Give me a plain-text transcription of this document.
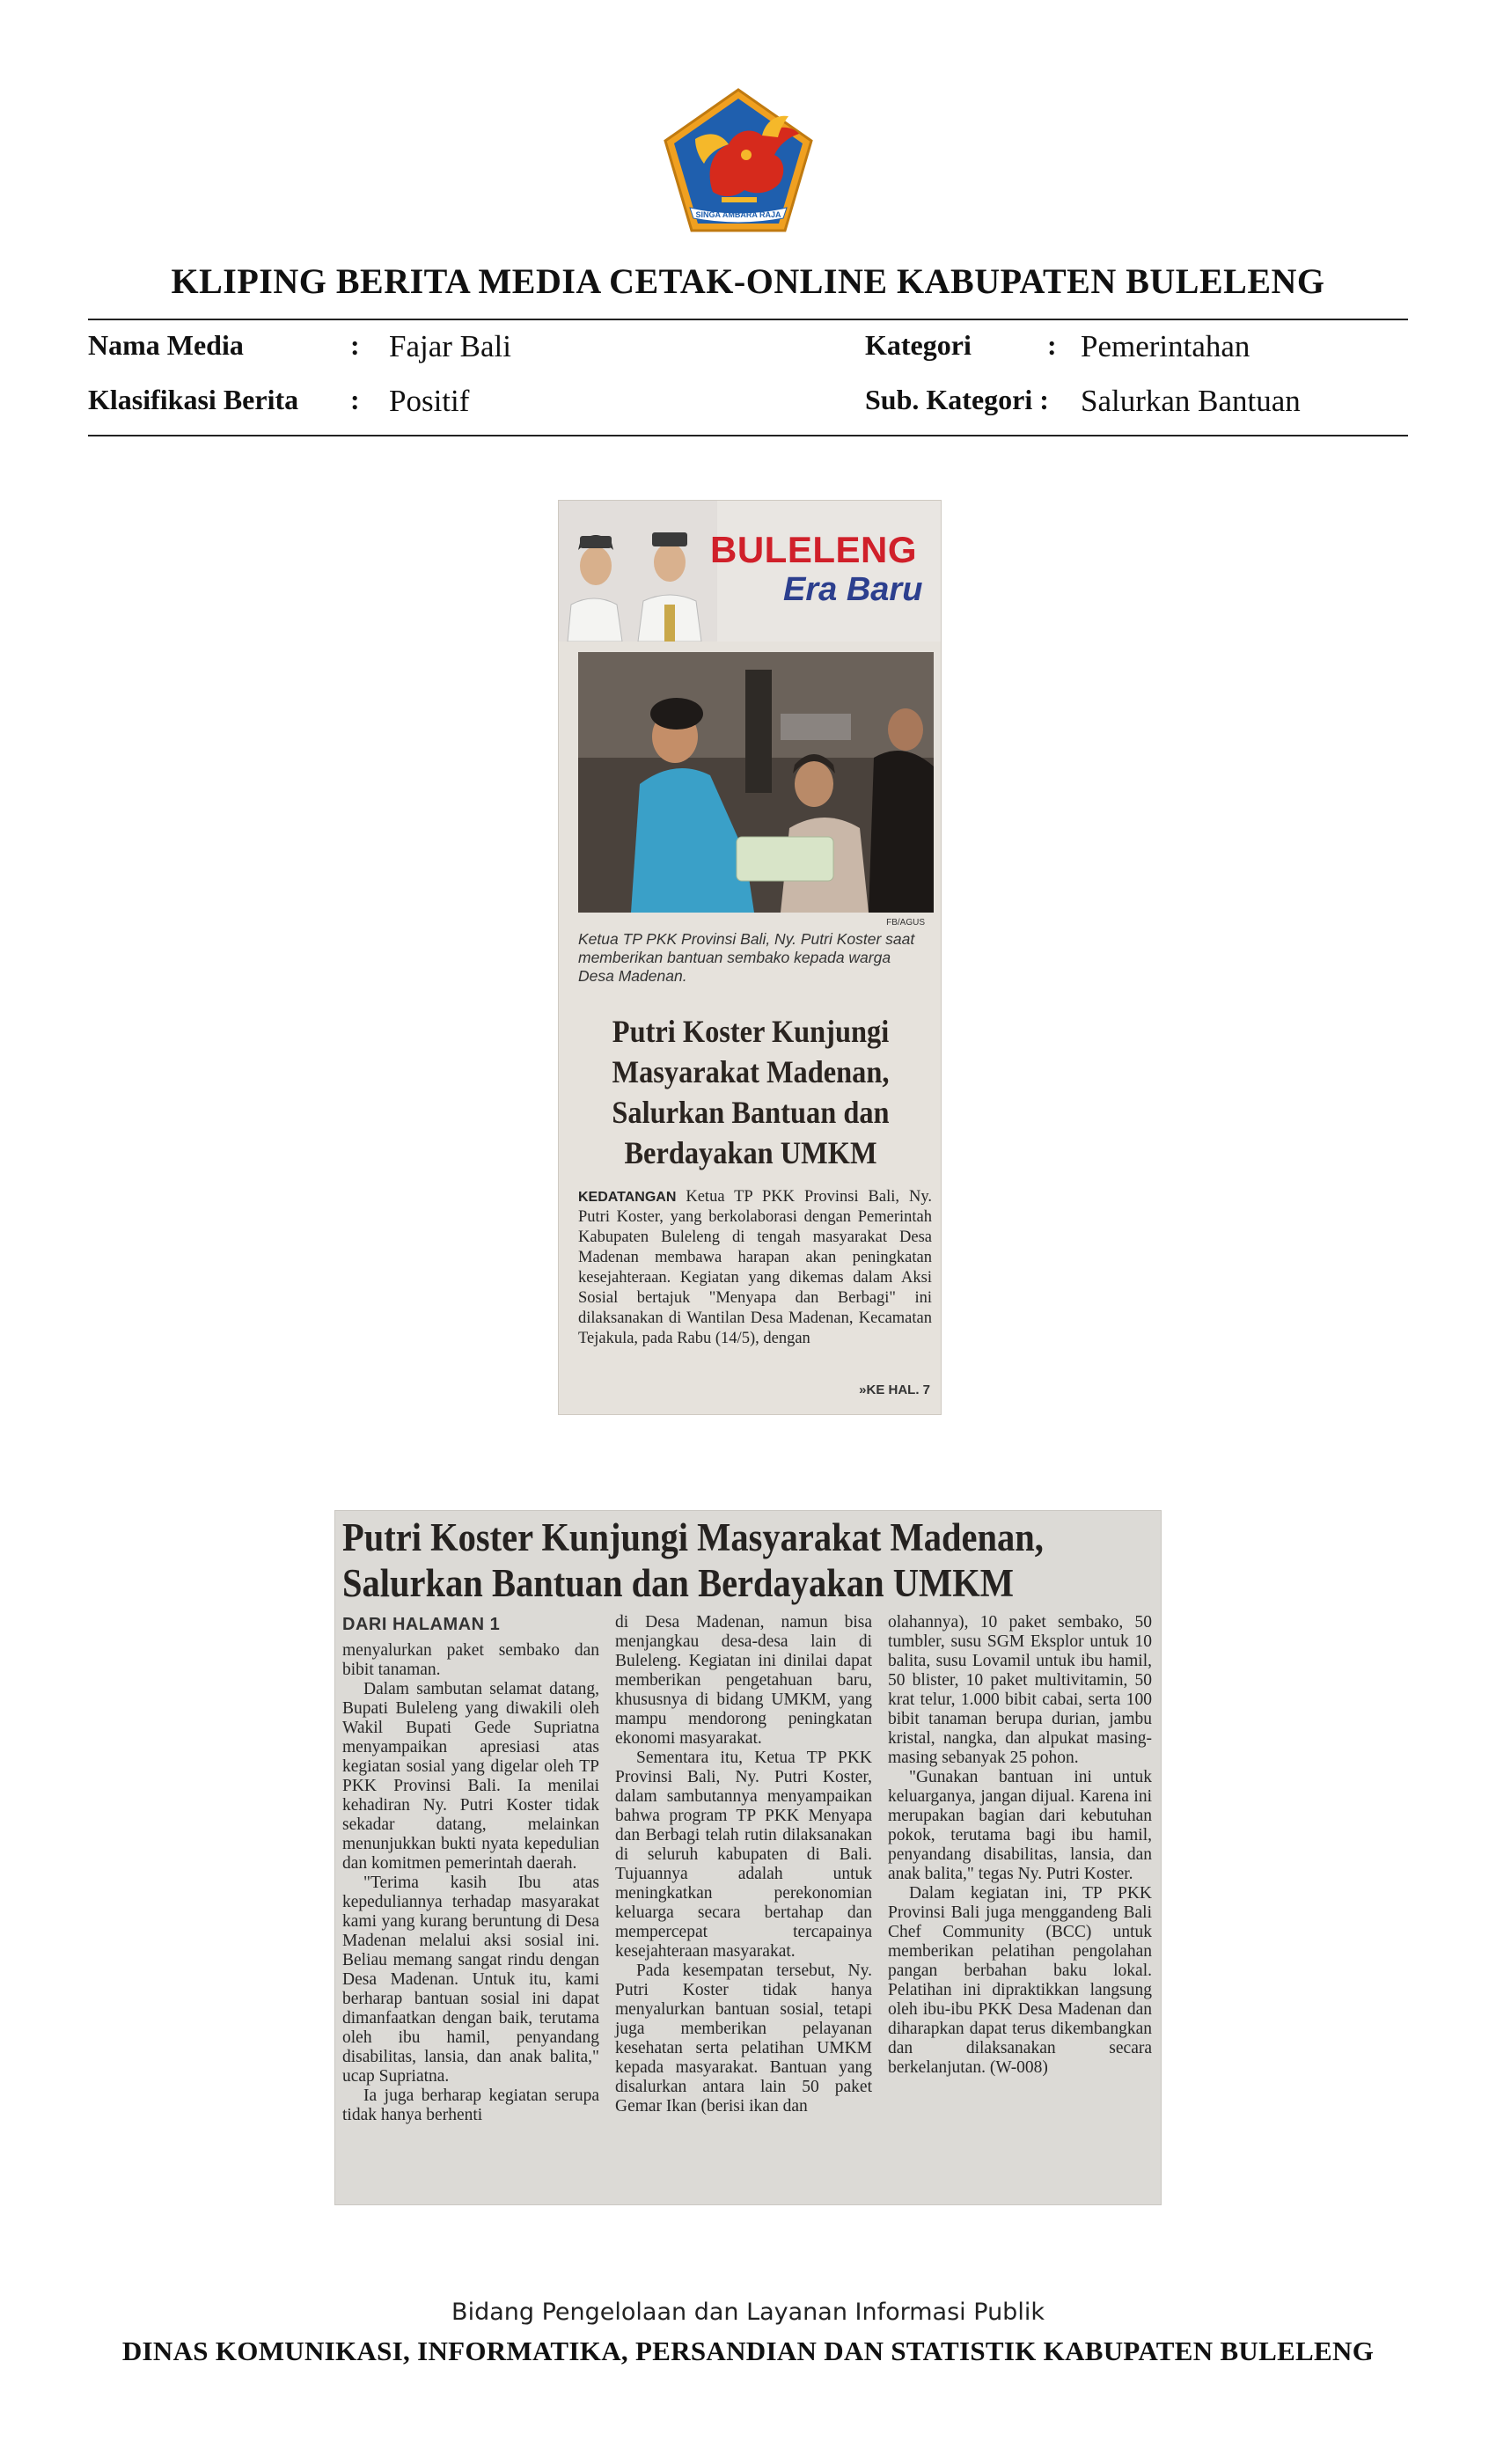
SINGA AMBARA RAJA
KLIPING BERITA MEDIA CETAK-ONLINE KABUPATEN BULELENG
Nama Media	: Fajar Bali	Kategori	: Pemerintahan
Klasifikasi Berita : Positif	Sub. Kategori : Salurkan Bantuan
BULELENG
Era Baru
FB/AGUS
Ketua TP PKK Provinsi Bali, Ny. Putri Koster saat memberikan bantuan sembako kepada warga Desa Madenan.
Putri Koster Kunjungi Masyarakat Madenan, Salurkan Bantuan dan Berdayakan UMKM
KEDATANGAN Ketua TP PKK Provinsi Bali, Ny. Putri Koster, yang berkolaborasi dengan Pemerintah Kabupaten Buleleng di tengah masyarakat Desa Madenan membawa harapan akan peningkatan kesejahteraan. Kegiatan yang dikemas dalam Aksi Sosial bertajuk "Menyapa dan Berbagi" ini dilaksanakan di Wantilan Desa Madenan, Kecamatan Tejakula, pada Rabu (14/5), dengan
»KE HAL. 7
Putri Koster Kunjungi Masyarakat Madenan, Salurkan Bantuan dan Berdayakan UMKM
DARI HALAMAN 1

menyalurkan paket sembako dan bibit tanaman.

Dalam sambutan selamat datang, Bupati Buleleng yang diwakili oleh Wakil Bupati Gede Supriatna menyampaikan apresiasi atas kegiatan sosial yang digelar oleh TP PKK Provinsi Bali. Ia menilai kehadiran Ny. Putri Koster tidak sekadar datang, melainkan menunjukkan bukti nyata kepedulian dan komitmen pemerintah daerah.

"Terima kasih Ibu atas kepeduliannya terhadap masyarakat kami yang kurang beruntung di Desa Madenan melalui aksi sosial ini. Beliau memang sangat rindu dengan Desa Madenan. Untuk itu, kami berharap bantuan sosial ini dapat dimanfaatkan dengan baik, terutama oleh ibu hamil, penyandang disabilitas, lansia, dan anak balita," ucap Supriatna.

Ia juga berharap kegiatan serupa tidak hanya berhenti

di Desa Madenan, namun bisa menjangkau desa-desa lain di Buleleng. Kegiatan ini dinilai dapat memberikan pengetahuan baru, khususnya di bidang UMKM, yang mampu mendorong peningkatan ekonomi masyarakat.

Sementara itu, Ketua TP PKK Provinsi Bali, Ny. Putri Koster, dalam sambutannya menyampaikan bahwa program TP PKK Menyapa dan Berbagi telah rutin dilaksanakan di seluruh kabupaten di Bali. Tujuannya adalah untuk meningkatkan perekonomian keluarga secara bertahap dan mempercepat tercapainya kesejahteraan masyarakat.

Pada kesempatan tersebut, Ny. Putri Koster tidak hanya menyalurkan bantuan sosial, tetapi juga memberikan pelayanan kesehatan serta pelatihan UMKM kepada masyarakat. Bantuan yang disalurkan antara lain 50 paket Gemar Ikan (berisi ikan dan

olahannya), 10 paket sembako, 50 tumbler, susu SGM Eksplor untuk 10 balita, susu Lovamil untuk ibu hamil, 50 blister, 10 paket multivitamin, 50 krat telur, 1.000 bibit cabai, serta 100 bibit tanaman berupa durian, jambu kristal, nangka, dan alpukat masing-masing sebanyak 25 pohon.

"Gunakan bantuan ini untuk keluarganya, jangan dijual. Karena ini merupakan bagian dari kebutuhan pokok, terutama bagi ibu hamil, penyandang disabilitas, lansia, dan anak balita," tegas Ny. Putri Koster.

Dalam kegiatan ini, TP PKK Provinsi Bali juga menggandeng Bali Chef Community (BCC) untuk memberikan pelatihan pengolahan pangan berbahan baku lokal. Pelatihan ini dipraktikkan langsung oleh ibu-ibu PKK Desa Madenan dan diharapkan dapat terus dikembangkan dan dilaksanakan secara berkelanjutan. (W-008)

Bidang Pengelolaan dan Layanan Informasi Publik
DINAS KOMUNIKASI, INFORMATIKA, PERSANDIAN DAN STATISTIK KABUPATEN BULELENG
